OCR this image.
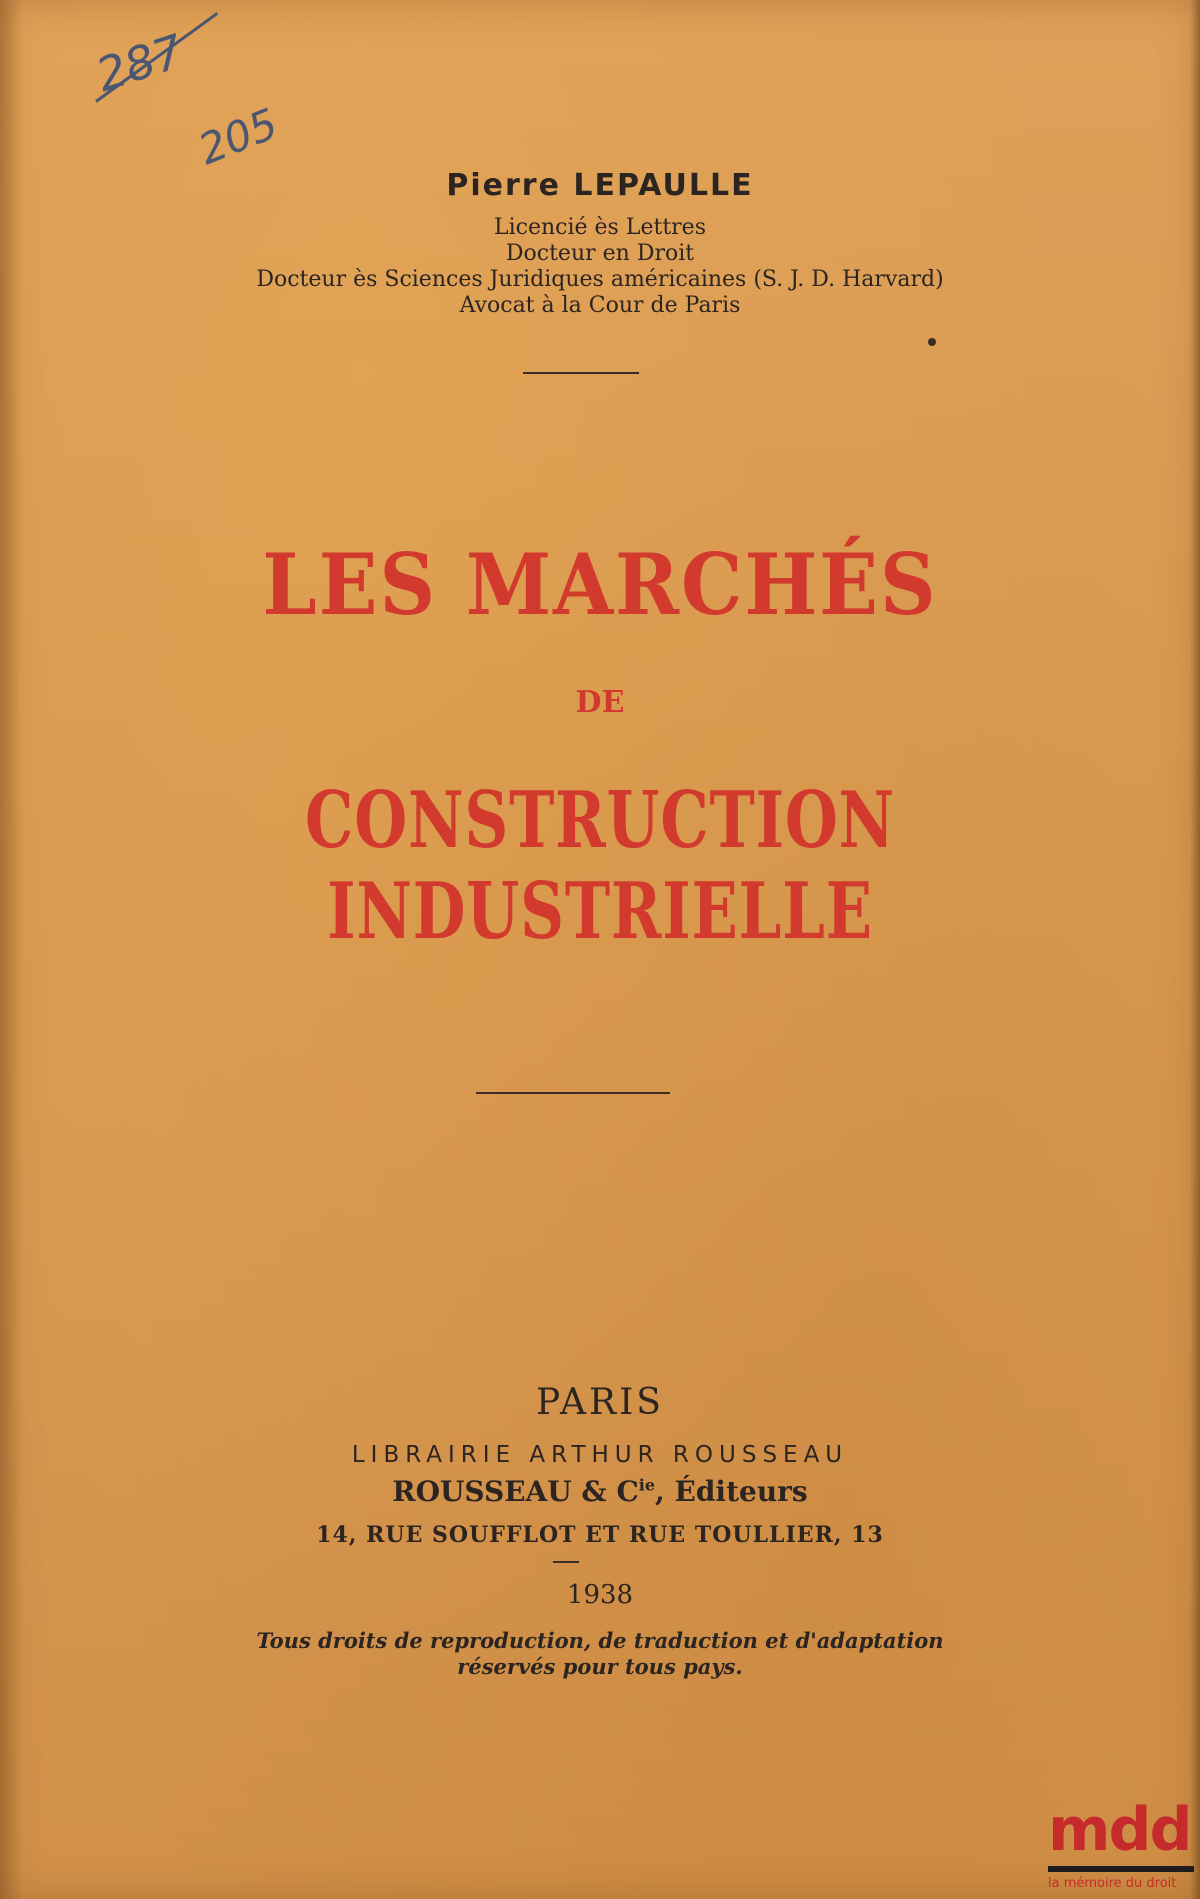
287
205
Pierre LEPAULLE
Licencié ès Lettres
Docteur en Droit
Docteur ès Sciences Juridiques américaines (S. J. D. Harvard)
Avocat à la Cour de Paris
LES MARCHÉS
DE
CONSTRUCTION INDUSTRIELLE
PARIS
LIBRAIRIE ARTHUR ROUSSEAU
ROUSSEAU & $C^{ie}$, Éditeurs
14, RUE SOUFFLOT ET RUE TOULLIER, 13
1938
Tous droits de reproduction, de traduction et d'adaptation
réservés pour tous pays.
mdd
la mémoire du droit
